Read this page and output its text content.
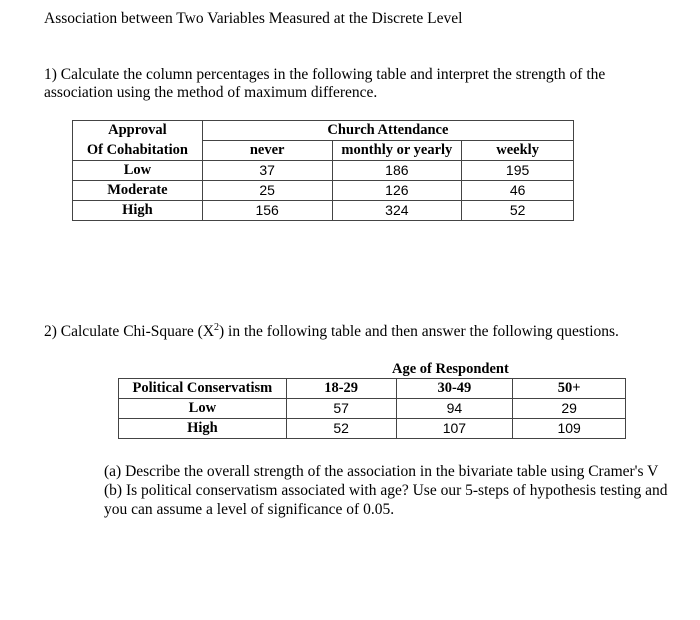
Association between Two Variables Measured at the Discrete Level
1) Calculate the column percentages in the following table and interpret the strength of the
association using the method of maximum difference.
Approval	Church Attendance		
Of Cohabitation	never	monthly or yearly	weekly
Low	37	186	195
Moderate	25	126	46
High	156	324	52
2) Calculate Chi-Square $(X^2)$ in the following table and then answer the following questions.
Age of Respondent
Political Conservatism	18-29	30-49	50+
Low	57	94	29
High	52	107	109
(a) Describe the overall strength of the association in the bivariate table using Cramer's V
(b) Is political conservatism associated with age? Use our 5-steps of hypothesis testing and
you can assume a level of significance of 0.05.
